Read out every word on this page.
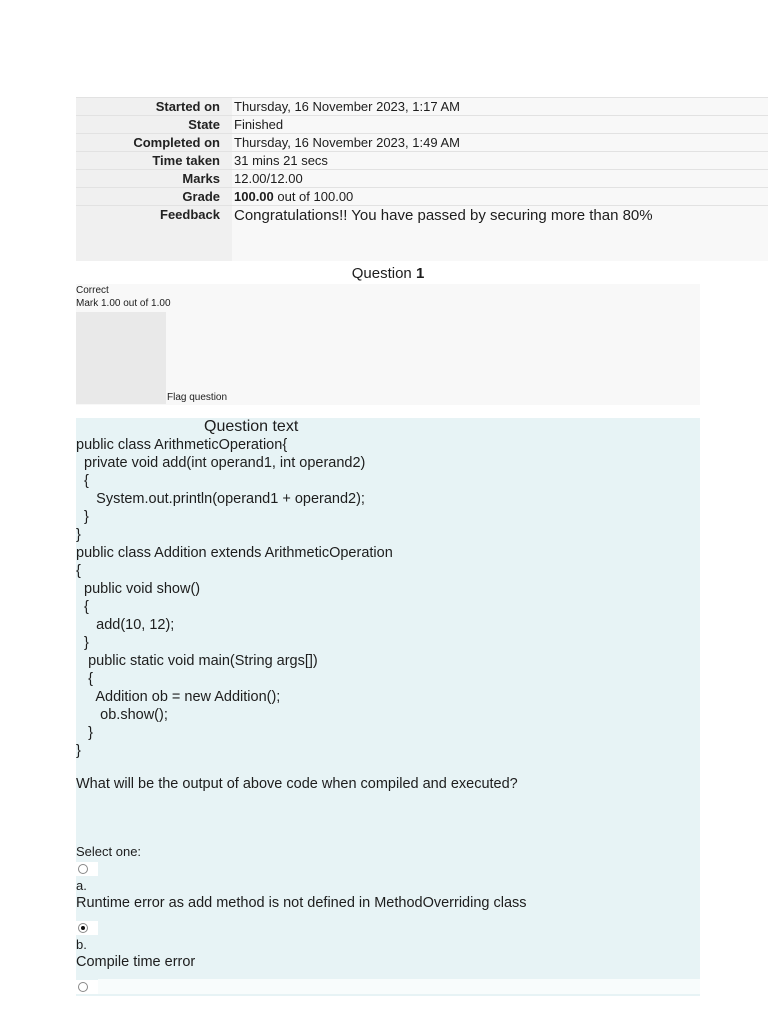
Started on	Thursday, 16 November 2023, 1:17 AM
State	Finished
Completed on	Thursday, 16 November 2023, 1:49 AM
Time taken	31 mins 21 secs
Marks	12.00/12.00
Grade	100.00 out of 100.00
Feedback	Congratulations!! You have passed by securing more than 80%
Question 1
Correct
Mark 1.00 out of 1.00
Flag question
Question text
public class ArithmeticOperation{
private void add(int operand1, int operand2)
{
System.out.println(operand1 + operand2);
}
}
public class Addition extends ArithmeticOperation
{
public void show()
{
add(10, 12);
}
public static void main(String args[])
{
Addition ob = new Addition();
ob.show();
}
}
What will be the output of above code when compiled and executed?
Select one:
a.
Runtime error as add method is not defined in MethodOverriding class
b.
Compile time error
